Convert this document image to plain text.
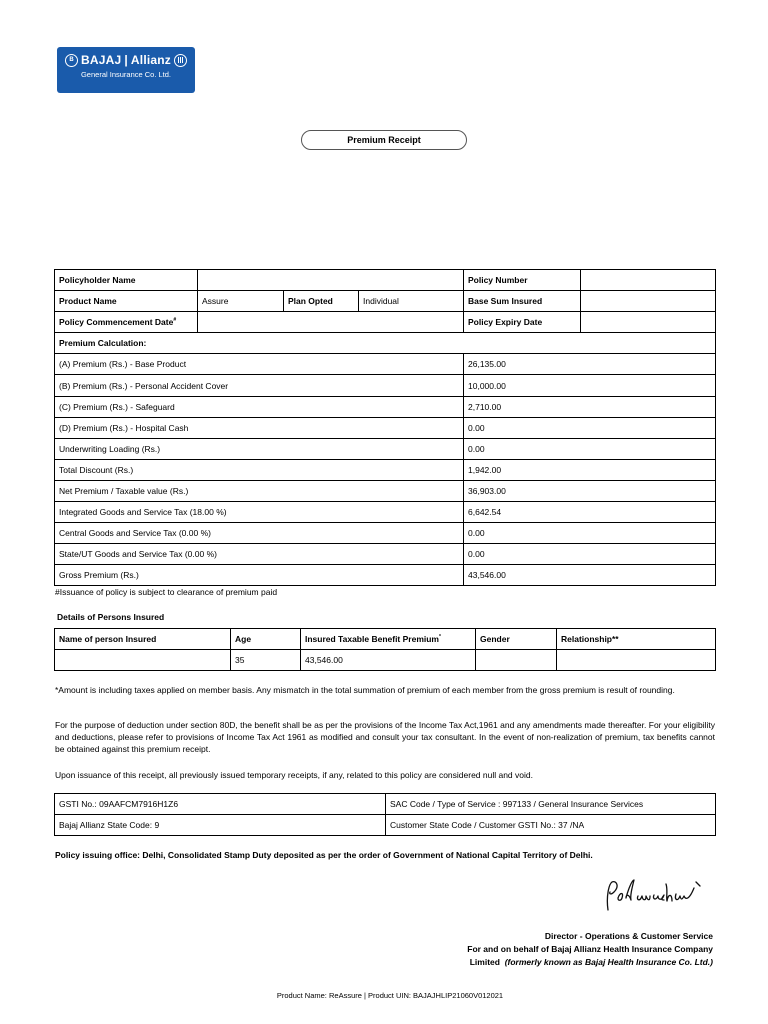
B BAJAJ | Allianz
General Insurance Co. Ltd.
Premium Receipt
Policyholder Name				Policy Number	
Product Name	Assure	Plan Opted	Individual	Base Sum Insured	
Policy Commencement Date#				Policy Expiry Date	
Premium Calculation:					
(A) Premium (Rs.) - Base Product				26,135.00	
(B) Premium (Rs.) - Personal Accident Cover				10,000.00	
(C) Premium (Rs.) - Safeguard				2,710.00	
(D) Premium (Rs.) - Hospital Cash				0.00	
Underwriting Loading (Rs.)				0.00	
Total Discount (Rs.)				1,942.00	
Net Premium / Taxable value (Rs.)				36,903.00	
Integrated Goods and Service Tax (18.00 %)				6,642.54	
Central Goods and Service Tax (0.00 %)				0.00	
State/UT Goods and Service Tax (0.00 %)				0.00	
Gross Premium (Rs.)				43,546.00	
#Issuance of policy is subject to clearance of premium paid
Details of Persons Insured
Name of person Insured	Age	Insured Taxable Benefit Premium*	Gender	Relationship**
	35	43,546.00		
*Amount is including taxes applied on member basis. Any mismatch in the total summation of premium of each member from the gross premium is result of rounding.
For the purpose of deduction under section 80D, the benefit shall be as per the provisions of the Income Tax Act,1961 and any amendments made thereafter. For your eligibility and deductions, please refer to provisions of Income Tax Act 1961 as modified and consult your tax consultant. In the event of non-realization of premium, tax benefits cannot be obtained against this premium receipt.
Upon issuance of this receipt, all previously issued temporary receipts, if any, related to this policy are considered null and void.
GSTI No.: 09AAFCM7916H1Z6	SAC Code / Type of Service : 997133 / General Insurance Services
Bajaj Allianz State Code: 9	Customer State Code / Customer GSTI No.: 37 /NA
Policy issuing office: Delhi, Consolidated Stamp Duty deposited as per the order of Government of National Capital Territory of Delhi.
Director - Operations & Customer Service
For and on behalf of Bajaj Allianz Health Insurance Company
Limited (formerly known as Bajaj Health Insurance Co. Ltd.)
Product Name: ReAssure | Product UIN: BAJAJHLIP21060V012021
